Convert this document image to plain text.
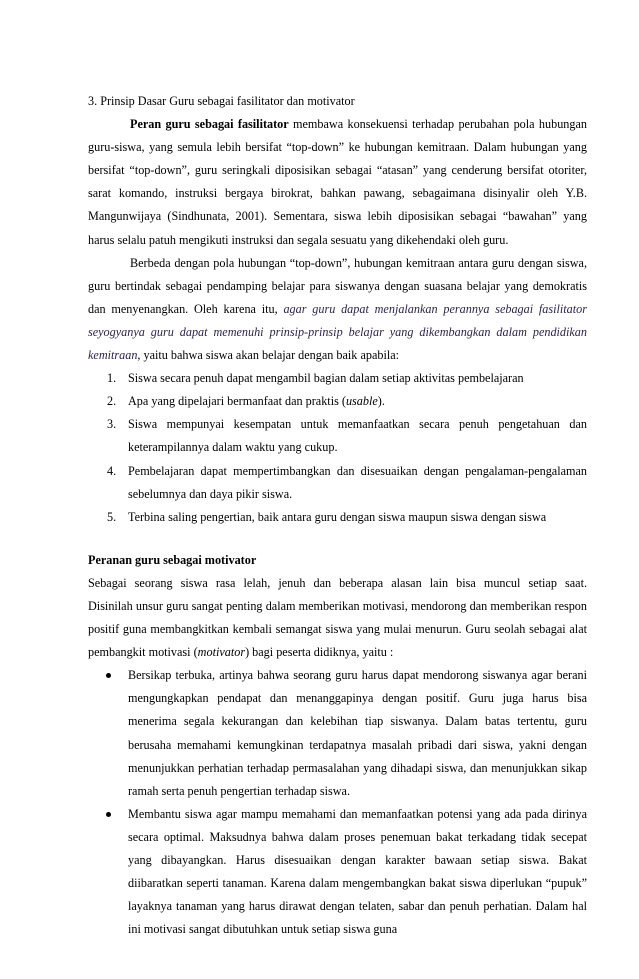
3. Prinsip Dasar Guru sebagai fasilitator dan motivator

Peran guru sebagai fasilitator membawa konsekuensi terhadap perubahan pola hubungan guru-siswa, yang semula lebih bersifat “top-down” ke hubungan kemitraan. Dalam hubungan yang bersifat “top-down”, guru seringkali diposisikan sebagai “atasan” yang cenderung bersifat otoriter, sarat komando, instruksi bergaya birokrat, bahkan pawang, sebagaimana disinyalir oleh Y.B. Mangunwijaya (Sindhunata, 2001). Sementara, siswa lebih diposisikan sebagai “bawahan” yang harus selalu patuh mengikuti instruksi dan segala sesuatu yang dikehendaki oleh guru.

Berbeda dengan pola hubungan “top-down”, hubungan kemitraan antara guru dengan siswa, guru bertindak sebagai pendamping belajar para siswanya dengan suasana belajar yang demokratis dan menyenangkan. Oleh karena itu, agar guru dapat menjalankan perannya sebagai fasilitator seyogyanya guru dapat memenuhi prinsip-prinsip belajar yang dikembangkan dalam pendidikan kemitraan, yaitu bahwa siswa akan belajar dengan baik apabila:

1. Siswa secara penuh dapat mengambil bagian dalam setiap aktivitas pembelajaran
2. Apa yang dipelajari bermanfaat dan praktis (usable).
3. Siswa mempunyai kesempatan untuk memanfaatkan secara penuh pengetahuan dan keterampilannya dalam waktu yang cukup.
4. Pembelajaran dapat mempertimbangkan dan disesuaikan dengan pengalaman-pengalaman sebelumnya dan daya pikir siswa.
5. Terbina saling pengertian, baik antara guru dengan siswa maupun siswa dengan siswa

Peranan guru sebagai motivator

Sebagai seorang siswa rasa lelah, jenuh dan beberapa alasan lain bisa muncul setiap saat.

Disinilah unsur guru sangat penting dalam memberikan motivasi, mendorong dan memberikan respon positif guna membangkitkan kembali semangat siswa yang mulai menurun. Guru seolah sebagai alat pembangkit motivasi (motivator) bagi peserta didiknya, yaitu :

Bersikap terbuka, artinya bahwa seorang guru harus dapat mendorong siswanya agar berani mengungkapkan pendapat dan menanggapinya dengan positif. Guru juga harus bisa menerima segala kekurangan dan kelebihan tiap siswanya. Dalam batas tertentu, guru berusaha memahami kemungkinan terdapatnya masalah pribadi dari siswa, yakni dengan menunjukkan perhatian terhadap permasalahan yang dihadapi siswa, dan menunjukkan sikap ramah serta penuh pengertian terhadap siswa.
Membantu siswa agar mampu memahami dan memanfaatkan potensi yang ada pada dirinya secara optimal. Maksudnya bahwa dalam proses penemuan bakat terkadang tidak secepat yang dibayangkan. Harus disesuaikan dengan karakter bawaan setiap siswa. Bakat diibaratkan seperti tanaman. Karena dalam mengembangkan bakat siswa diperlukan “pupuk” layaknya tanaman yang harus dirawat dengan telaten, sabar dan penuh perhatian. Dalam hal ini motivasi sangat dibutuhkan untuk setiap siswa guna
